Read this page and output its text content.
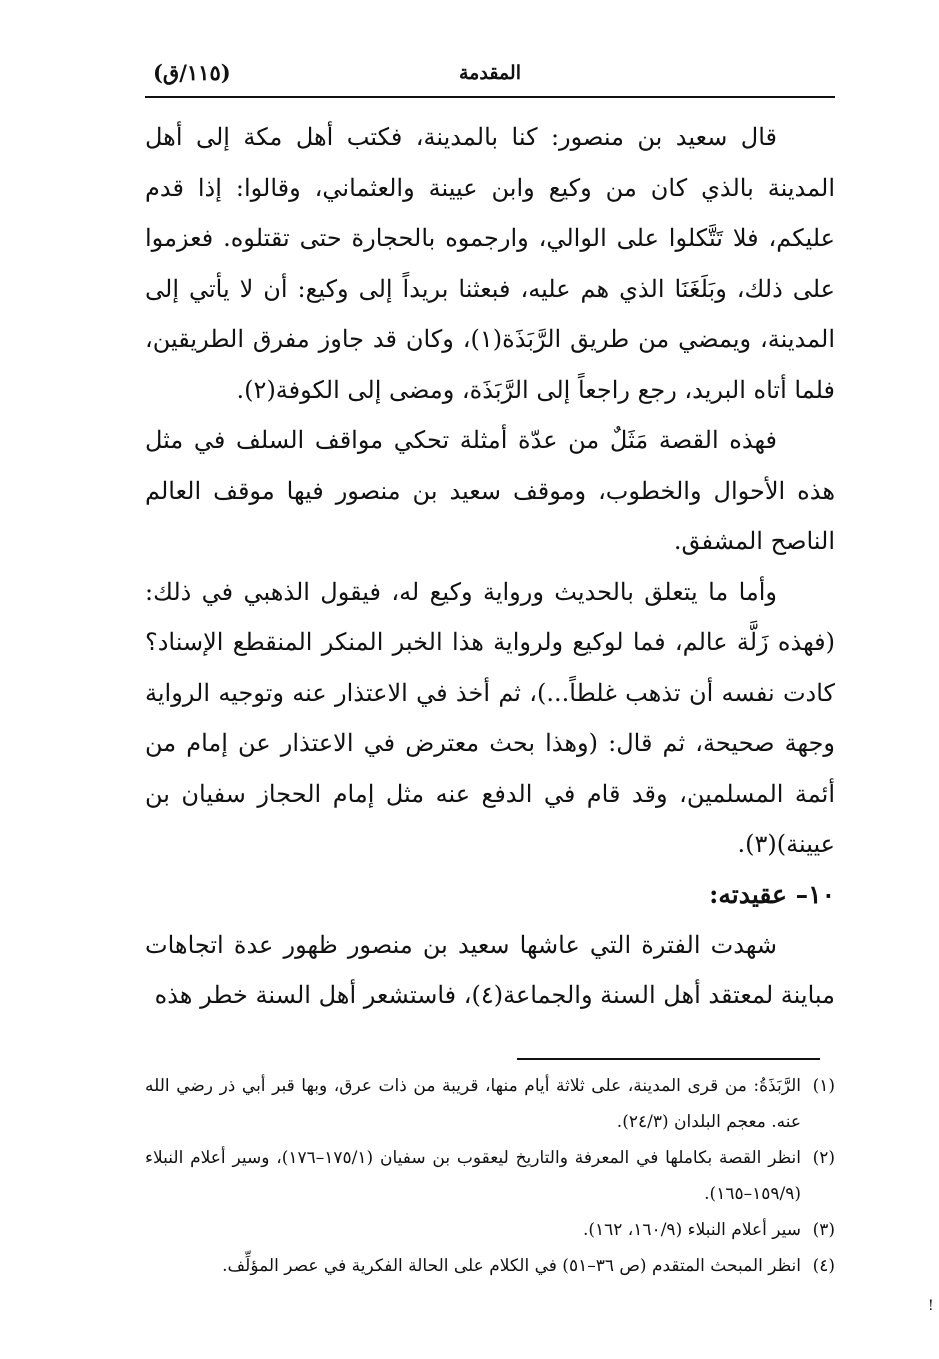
المقدمة
(١١٥/ق)

قال سعيد بن منصور: كنا بالمدينة، فكتب أهل مكة إلى أهل المدينة بالذي كان من وكيع وابن عيينة والعثماني، وقالوا: إذا قدم عليكم، فلا تَتَّكلوا على الوالي، وارجموه بالحجارة حتى تقتلوه. فعزموا على ذلك، وبَلَغَنَا الذي هم عليه، فبعثنا بريداً إلى وكيع: أن لا يأتي إلى المدينة، ويمضي من طريق الرَّبَذَة(١)، وكان قد جاوز مفرق الطريقين، فلما أتاه البريد، رجع راجعاً إلى الرَّبَذَة، ومضى إلى الكوفة(٢).

فهذه القصة مَثَلٌ من عدّة أمثلة تحكي مواقف السلف في مثل هذه الأحوال والخطوب، وموقف سعيد بن منصور فيها موقف العالم الناصح المشفق.

وأما ما يتعلق بالحديث ورواية وكيع له، فيقول الذهبي في ذلك: (فهذه زَلَّة عالم، فما لوكيع ولرواية هذا الخبر المنكر المنقطع الإسناد؟ كادت نفسه أن تذهب غلطاً...)، ثم أخذ في الاعتذار عنه وتوجيه الرواية وجهة صحيحة، ثم قال: (وهذا بحث معترض في الاعتذار عن إمام من أئمة المسلمين، وقد قام في الدفع عنه مثل إمام الحجاز سفيان بن عيينة)(٣).

١٠– عقيدته:

شهدت الفترة التي عاشها سعيد بن منصور ظهور عدة اتجاهات مباينة لمعتقد أهل السنة والجماعة(٤)، فاستشعر أهل السنة خطر هذه

(١)الرَّبَذَةُ: من قرى المدينة، على ثلاثة أيام منها، قريبة من ذات عرق، وبها قبر أبي ذر رضي الله عنه. معجم البلدان (٢٤/٣).

(٢)انظر القصة بكاملها في المعرفة والتاريخ ليعقوب بن سفيان (١٧٥/١–١٧٦)، وسير أعلام النبلاء (١٥٩/٩–١٦٥).

(٣)سير أعلام النبلاء (١٦٠/٩، ١٦٢).

(٤)انظر المبحث المتقدم (ص ٣٦–٥١) في الكلام على الحالة الفكرية في عصر المؤلِّف.

!
